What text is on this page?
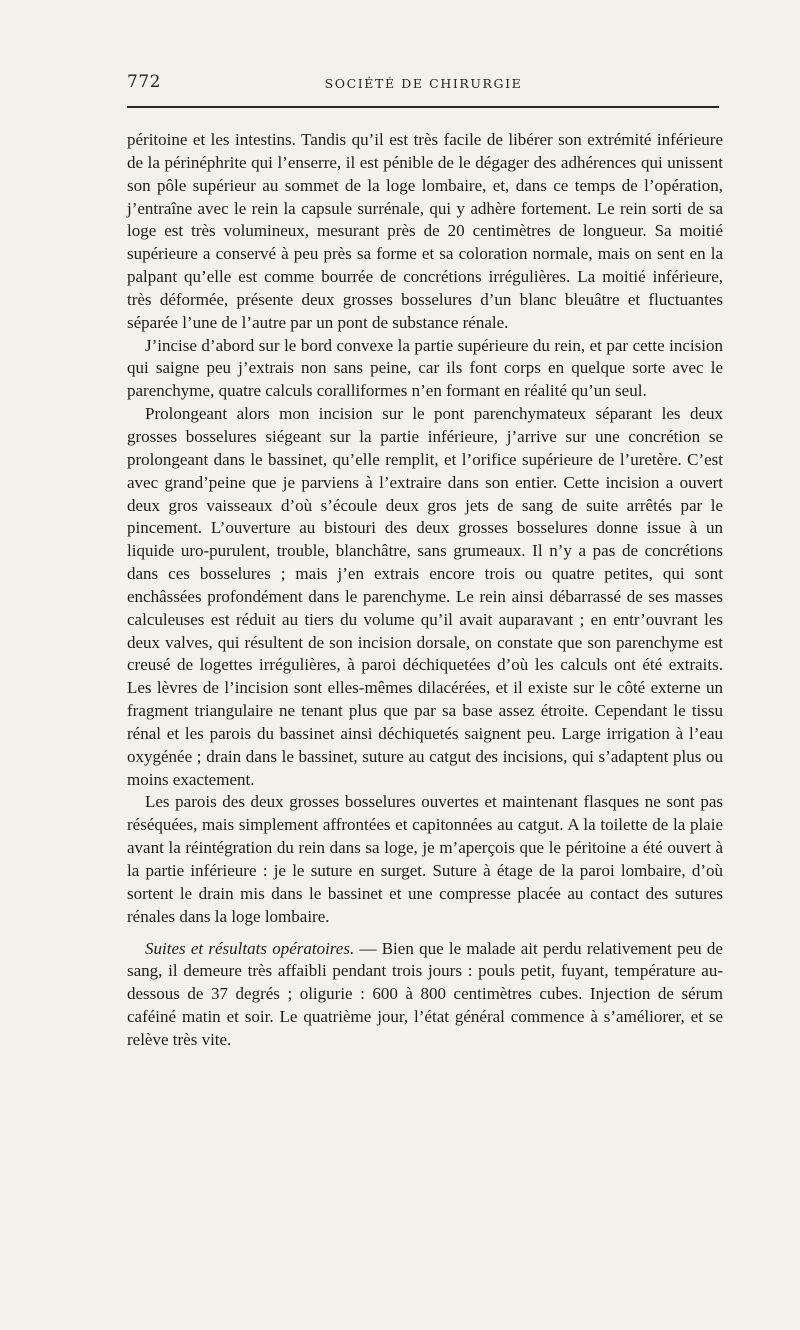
772	SOCIÉTÉ DE CHIRURGIE

péritoine et les intestins. Tandis qu’il est très facile de libérer son extrémité inférieure de la périnéphrite qui l’enserre, il est pénible de le dégager des adhérences qui unissent son pôle supérieur au sommet de la loge lombaire, et, dans ce temps de l’opération, j’entraîne avec le rein la capsule surrénale, qui y adhère fortement. Le rein sorti de sa loge est très volumineux, mesurant près de 20 centimètres de longueur. Sa moitié supérieure a conservé à peu près sa forme et sa coloration normale, mais on sent en la palpant qu’elle est comme bourrée de concrétions irrégulières. La moitié inférieure, très déformée, présente deux grosses bosselures d’un blanc bleuâtre et fluctuantes séparée l’une de l’autre par un pont de substance rénale.

J’incise d’abord sur le bord convexe la partie supérieure du rein, et par cette incision qui saigne peu j’extrais non sans peine, car ils font corps en quelque sorte avec le parenchyme, quatre calculs coralliformes n’en formant en réalité qu’un seul.

Prolongeant alors mon incision sur le pont parenchymateux séparant les deux grosses bosselures siégeant sur la partie inférieure, j’arrive sur une concrétion se prolongeant dans le bassinet, qu’elle remplit, et l’orifice supérieure de l’uretère. C’est avec grand’peine que je parviens à l’extraire dans son entier. Cette incision a ouvert deux gros vaisseaux d’où s’écoule deux gros jets de sang de suite arrêtés par le pincement. L’ouverture au bistouri des deux grosses bosselures donne issue à un liquide uro-purulent, trouble, blanchâtre, sans grumeaux. Il n’y a pas de concrétions dans ces bosselures ; mais j’en extrais encore trois ou quatre petites, qui sont enchâssées profondément dans le parenchyme. Le rein ainsi débarrassé de ses masses calculeuses est réduit au tiers du volume qu’il avait auparavant ; en entr’ouvrant les deux valves, qui résultent de son incision dorsale, on constate que son parenchyme est creusé de logettes irrégulières, à paroi déchiquetées d’où les calculs ont été extraits. Les lèvres de l’incision sont elles-mêmes dilacérées, et il existe sur le côté externe un fragment triangulaire ne tenant plus que par sa base assez étroite. Cependant le tissu rénal et les parois du bassinet ainsi déchiquetés saignent peu. Large irrigation à l’eau oxygénée ; drain dans le bassinet, suture au catgut des incisions, qui s’adaptent plus ou moins exactement.

Les parois des deux grosses bosselures ouvertes et maintenant flasques ne sont pas réséquées, mais simplement affrontées et capitonnées au catgut. A la toilette de la plaie avant la réintégration du rein dans sa loge, je m’aperçois que le péritoine a été ouvert à la partie inférieure : je le suture en surget. Suture à étage de la paroi lombaire, d’où sortent le drain mis dans le bassinet et une compresse placée au contact des sutures rénales dans la loge lombaire.

Suites et résultats opératoires. — Bien que le malade ait perdu relativement peu de sang, il demeure très affaibli pendant trois jours : pouls petit, fuyant, température au-dessous de 37 degrés ; oligurie : 600 à 800 centimètres cubes. Injection de sérum caféiné matin et soir. Le quatrième jour, l’état général commence à s’améliorer, et se relève très vite.
